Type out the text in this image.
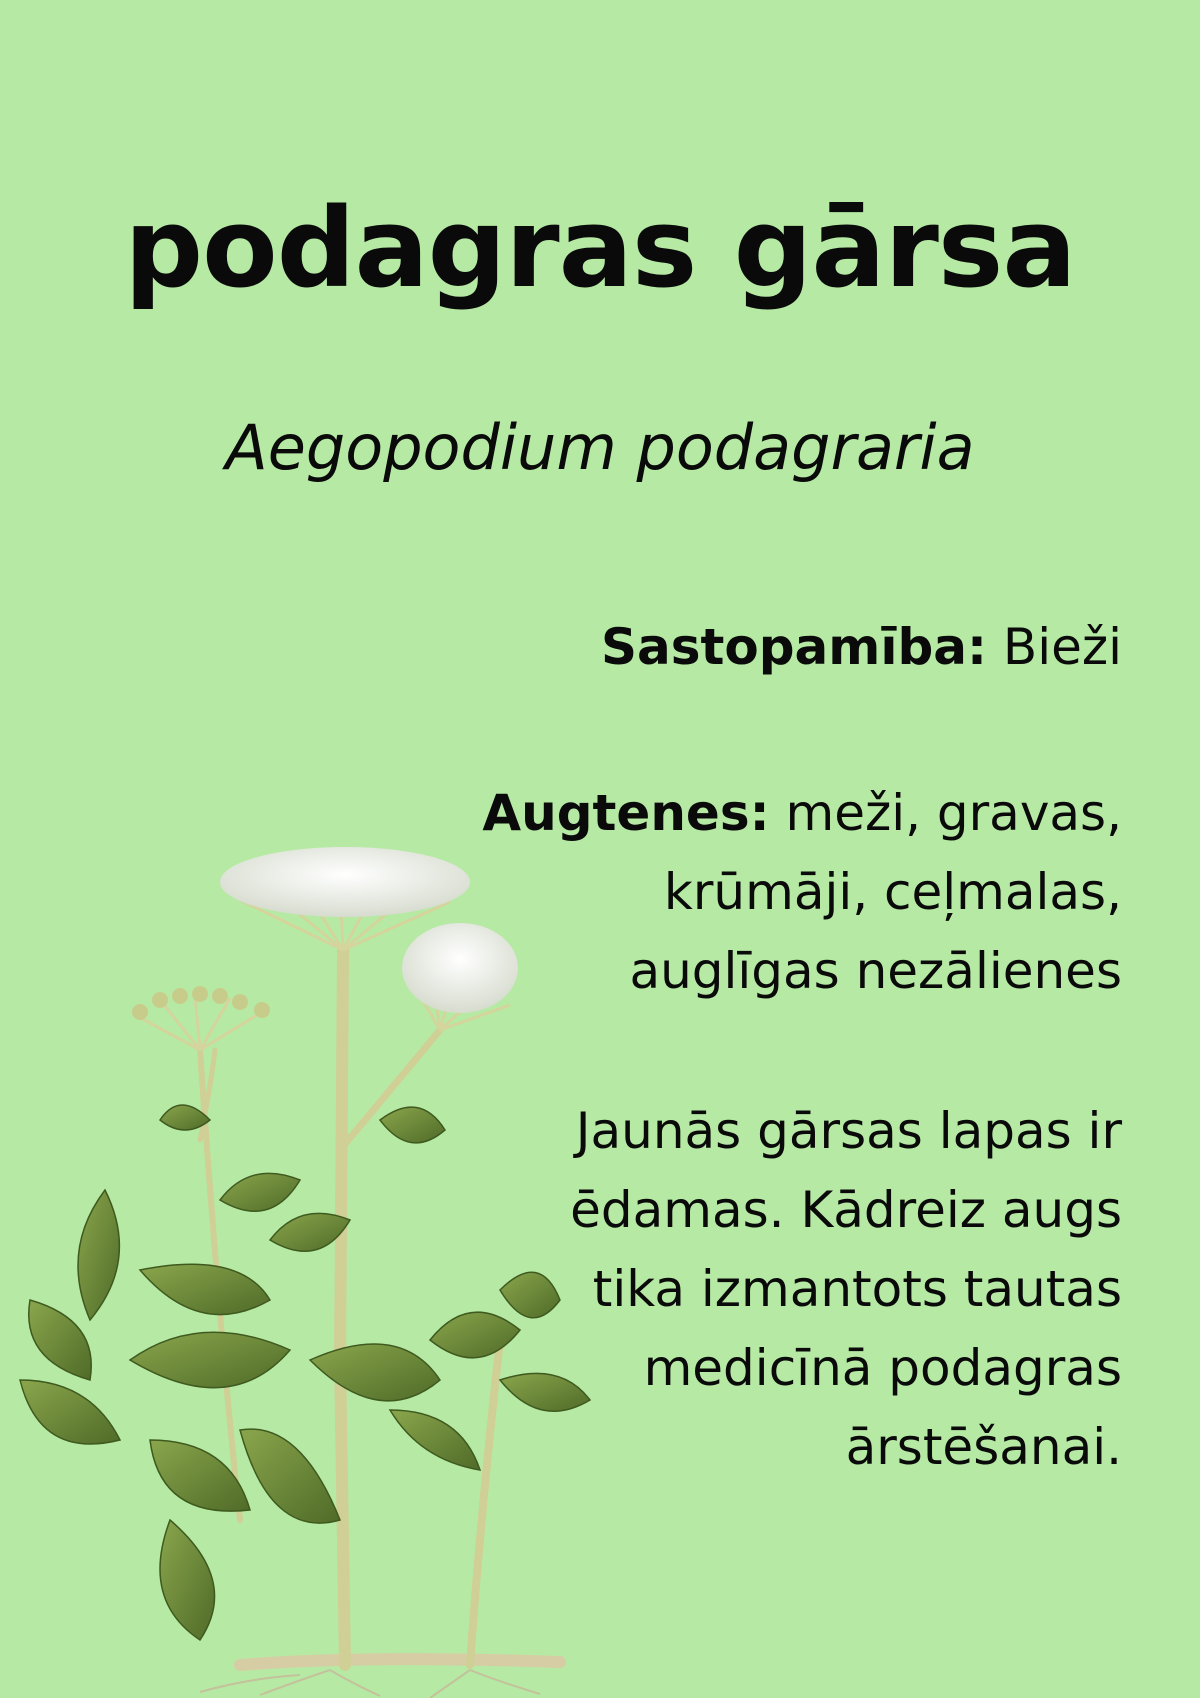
podagras gārsa

Aegopodium podagraria

Sastopamība: Bieži

Augtenes: meži, gravas, krūmāji, ceļmalas, auglīgas nezālienes

Jaunās gārsas lapas ir ēdamas. Kādreiz augs tika izmantots tautas medicīnā podagras ārstēšanai.
